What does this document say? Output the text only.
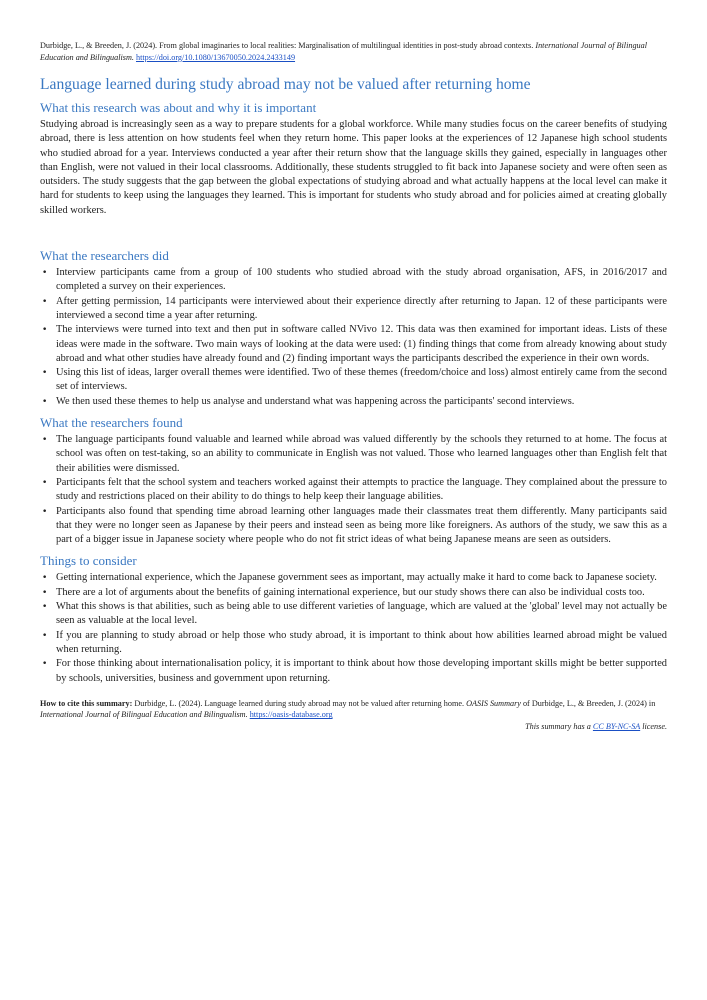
Durbidge, L., & Breeden, J. (2024). From global imaginaries to local realities: Marginalisation of multilingual identities in post-study abroad contexts. International Journal of Bilingual Education and Bilingualism. https://doi.org/10.1080/13670050.2024.2433149

Language learned during study abroad may not be valued after returning home
What this research was about and why it is important

Studying abroad is increasingly seen as a way to prepare students for a global workforce. While many studies focus on the career benefits of studying abroad, there is less attention on how students feel when they return home. This paper looks at the experiences of 12 Japanese high school students who studied abroad for a year. Interviews conducted a year after their return show that the language skills they gained, especially in languages other than English, were not valued in their local classrooms. Additionally, these students struggled to fit back into Japanese society and were often seen as outsiders. The study suggests that the gap between the global expectations of studying abroad and what actually happens at the local level can make it hard for students to keep using the languages they learned. This is important for students who study abroad and for policies aimed at creating globally skilled workers.

What the researchers did
• Interview participants came from a group of 100 students who studied abroad with the study abroad organisation, AFS, in 2016/2017 and completed a survey on their experiences.
• After getting permission, 14 participants were interviewed about their experience directly after returning to Japan. 12 of these participants were interviewed a second time a year after returning.
• The interviews were turned into text and then put in software called NVivo 12. This data was then examined for important ideas. Lists of these ideas were made in the software. Two main ways of looking at the data were used: (1) finding things that come from already knowing about study abroad and what other studies have already found and (2) finding important ways the participants described the experience in their own words.
• Using this list of ideas, larger overall themes were identified. Two of these themes (freedom/choice and loss) almost entirely came from the second set of interviews.
• We then used these themes to help us analyse and understand what was happening across the participants' second interviews.
What the researchers found
• The language participants found valuable and learned while abroad was valued differently by the schools they returned to at home. The focus at school was often on test-taking, so an ability to communicate in English was not valued. Those who learned languages other than English felt that their abilities were dismissed.
• Participants felt that the school system and teachers worked against their attempts to practice the language. They complained about the pressure to study and restrictions placed on their ability to do things to help keep their language abilities.
• Participants also found that spending time abroad learning other languages made their classmates treat them differently. Many participants said that they were no longer seen as Japanese by their peers and instead seen as being more like foreigners. As authors of the study, we saw this as a part of a bigger issue in Japanese society where people who do not fit strict ideas of what being Japanese means are seen as outsiders.
Things to consider
• Getting international experience, which the Japanese government sees as important, may actually make it hard to come back to Japanese society.
• There are a lot of arguments about the benefits of gaining international experience, but our study shows there can also be individual costs too.
• What this shows is that abilities, such as being able to use different varieties of language, which are valued at the 'global' level may not actually be seen as valuable at the local level.
• If you are planning to study abroad or help those who study abroad, it is important to think about how abilities learned abroad might be valued when returning.
• For those thinking about internationalisation policy, it is important to think about how those developing important skills might be better supported by schools, universities, business and government upon returning.
How to cite this summary: Durbidge, L. (2024). Language learned during study abroad may not be valued after returning home. OASIS Summary of Durbidge, L., & Breeden, J. (2024) in International Journal of Bilingual Education and Bilingualism. https://oasis-database.org
This summary has a CC BY-NC-SA license.
